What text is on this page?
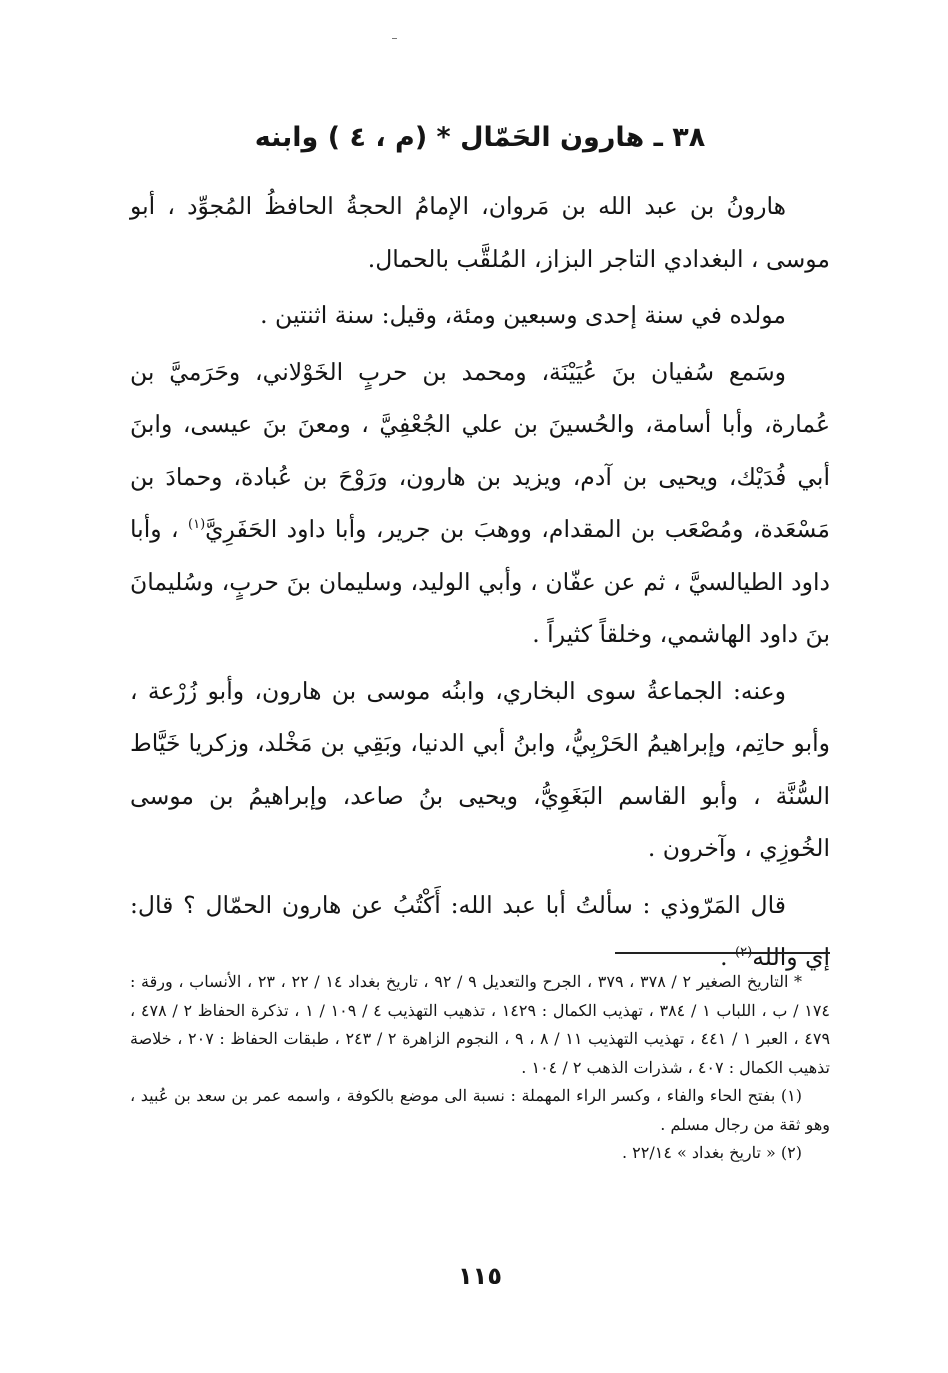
٣٨ ـ هارون الحَمّال * (م ، ٤ ) وابنه

هارونُ بن عبد الله بن مَروان، الإمامُ الحجةُ الحافظُ المُجوِّد ، أبو موسى ، البغدادي التاجر البزاز، المُلقَّب بالحمال.

مولده في سنة إحدى وسبعين ومئة، وقيل: سنة اثنتين .

وسَمع سُفيان بنَ عُيَيْنَة، ومحمد بن حربٍ الخَوْلاني، وحَرَميَّ بن عُمارة، وأبا أسامة، والحُسينَ بن علي الجُعْفِيَّ ، ومعنَ بنَ عيسى، وابنَ أبي فُدَيْك، ويحيى بن آدم، ويزيد بن هارون، ورَوْحَ بن عُبادة، وحمادَ بن مَسْعَدة، ومُصْعَب بن المقدام، ووهبَ بن جرير، وأبا داود الحَفَرِيَّ$^{(١)}$ ، وأبا داود الطيالسيَّ ، ثم عن عفّان ، وأبي الوليد، وسليمان بنَ حربٍ، وسُليمانَ بنَ داود الهاشمي، وخلقاً كثيراً .

وعنه: الجماعةُ سوى البخاري، وابنُه موسى بن هارون، وأبو زُرْعة ، وأبو حاتِم، وإبراهيمُ الحَرْبِيُّ، وابنُ أبي الدنيا، وبَقِي بن مَخْلد، وزكريا خَيَّاط السُّنَّة ، وأبو القاسم البَغَوِيُّ، ويحيى بنُ صاعد، وإبراهيمُ بن موسى الخُوزِي ، وآخرون .

قال المَرّوذي : سألتُ أبا عبد الله: أَكْتُبُ عن هارون الحمّال ؟ قال: إي والله$^{(٢)}$ .

* التاريخ الصغير ٢ / ٣٧٨ ، ٣٧٩ ، الجرح والتعديل ٩ / ٩٢ ، تاريخ بغداد ١٤ / ٢٢ ، ٢٣ ، الأنساب ، ورقة : ١٧٤ / ب ، اللباب ١ / ٣٨٤ ، تهذيب الكمال : ١٤٢٩ ، تذهيب التهذيب ٤ / ١٠٩ / ١ ، تذكرة الحفاظ ٢ / ٤٧٨ ، ٤٧٩ ، العبر ١ / ٤٤١ ، تهذيب التهذيب ١١ / ٨ ، ٩ ، النجوم الزاهرة ٢ / ٢٤٣ ، طبقات الحفاظ : ٢٠٧ ، خلاصة تذهيب الكمال : ٤٠٧ ، شذرات الذهب ٢ / ١٠٤ .

(١) بفتح الحاء والفاء ، وكسر الراء المهملة : نسبة الى موضع بالكوفة ، واسمه عمر بن سعد بن عُبيد ، وهو ثقة من رجال مسلم .

(٢) « تاريخ بغداد » ٢٢/١٤ .

١١٥
